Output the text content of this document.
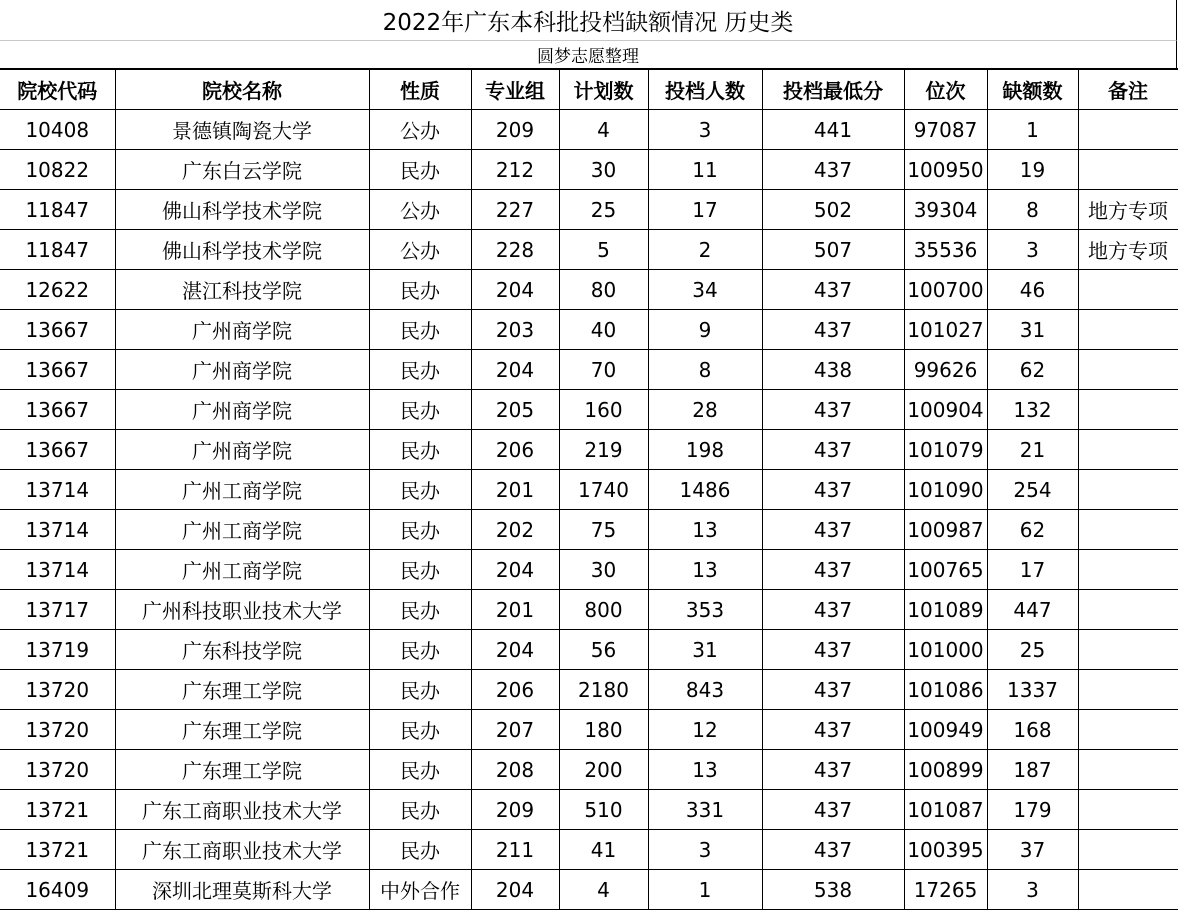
2022年广东本科批投档缺额情况 历史类
圆梦志愿整理
院校代码	院校名称	性质	专业组	计划数	投档人数	投档最低分	位次	缺额数	备注
10408	景德镇陶瓷大学	公办	209	4	3	441	97087	1	
10822	广东白云学院	民办	212	30	11	437	100950	19	
11847	佛山科学技术学院	公办	227	25	17	502	39304	8	地方专项
11847	佛山科学技术学院	公办	228	5	2	507	35536	3	地方专项
12622	湛江科技学院	民办	204	80	34	437	100700	46	
13667	广州商学院	民办	203	40	9	437	101027	31	
13667	广州商学院	民办	204	70	8	438	99626	62	
13667	广州商学院	民办	205	160	28	437	100904	132	
13667	广州商学院	民办	206	219	198	437	101079	21	
13714	广州工商学院	民办	201	1740	1486	437	101090	254	
13714	广州工商学院	民办	202	75	13	437	100987	62	
13714	广州工商学院	民办	204	30	13	437	100765	17	
13717	广州科技职业技术大学	民办	201	800	353	437	101089	447	
13719	广东科技学院	民办	204	56	31	437	101000	25	
13720	广东理工学院	民办	206	2180	843	437	101086	1337	
13720	广东理工学院	民办	207	180	12	437	100949	168	
13720	广东理工学院	民办	208	200	13	437	100899	187	
13721	广东工商职业技术大学	民办	209	510	331	437	101087	179	
13721	广东工商职业技术大学	民办	211	41	3	437	100395	37	
16409	深圳北理莫斯科大学	中外合作	204	4	1	538	17265	3	
